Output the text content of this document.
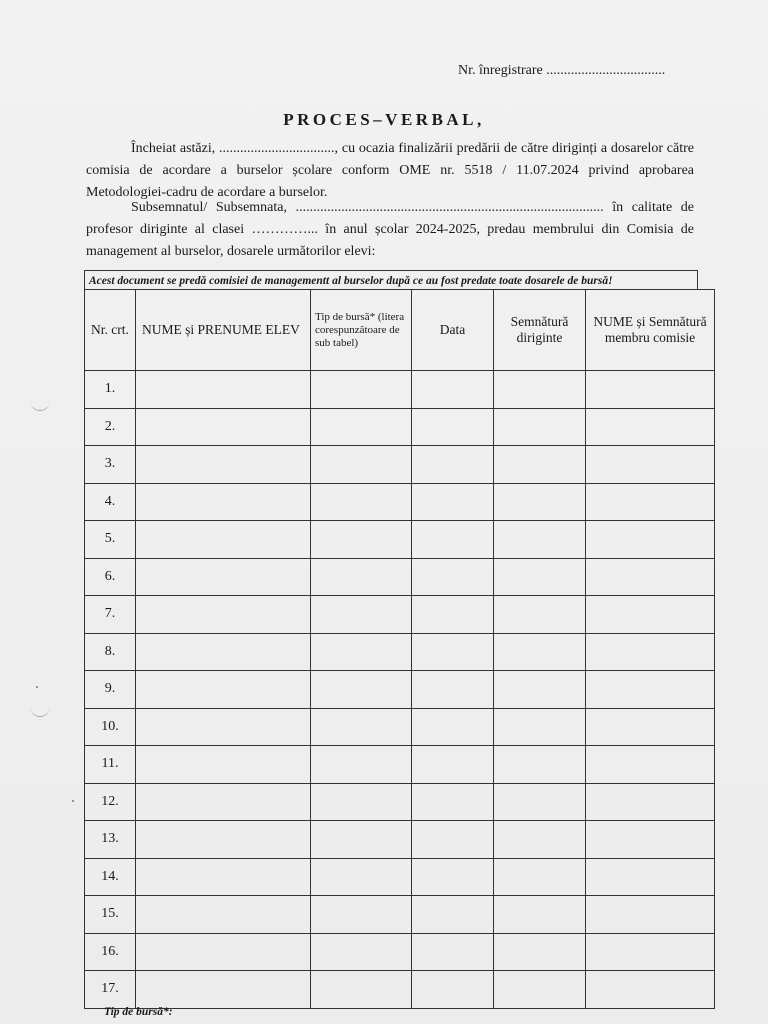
Nr. înregistrare ..................................
PROCES–VERBAL,
Încheiat astăzi, ................................., cu ocazia finalizării predării de către diriginți a dosarelor către comisia de acordare a burselor școlare conform OME nr. 5518 / 11.07.2024 privind aprobarea Metodologiei-cadru de acordare a burselor.
Subsemnatul/ Subsemnata, ........................................................................................ în calitate de profesor diriginte al clasei …………... în anul școlar 2024-2025, predau membrului din Comisia de management al burselor, dosarele următorilor elevi:
Acest document se predă comisiei de managementt al burselor după ce au fost predate toate dosarele de bursă!
Nr. crt.	NUME și PRENUME ELEV	Tip de bursă* (litera corespunzătoare de sub tabel)	Data	Semnătură diriginte	NUME și Semnătură membru comisie
1.					
2.					
3.					
4.					
5.					
6.					
7.					
8.					
9.					
10.					
11.					
12.					
13.					
14.					
15.					
16.					
17.					
Tip de bursă*:
